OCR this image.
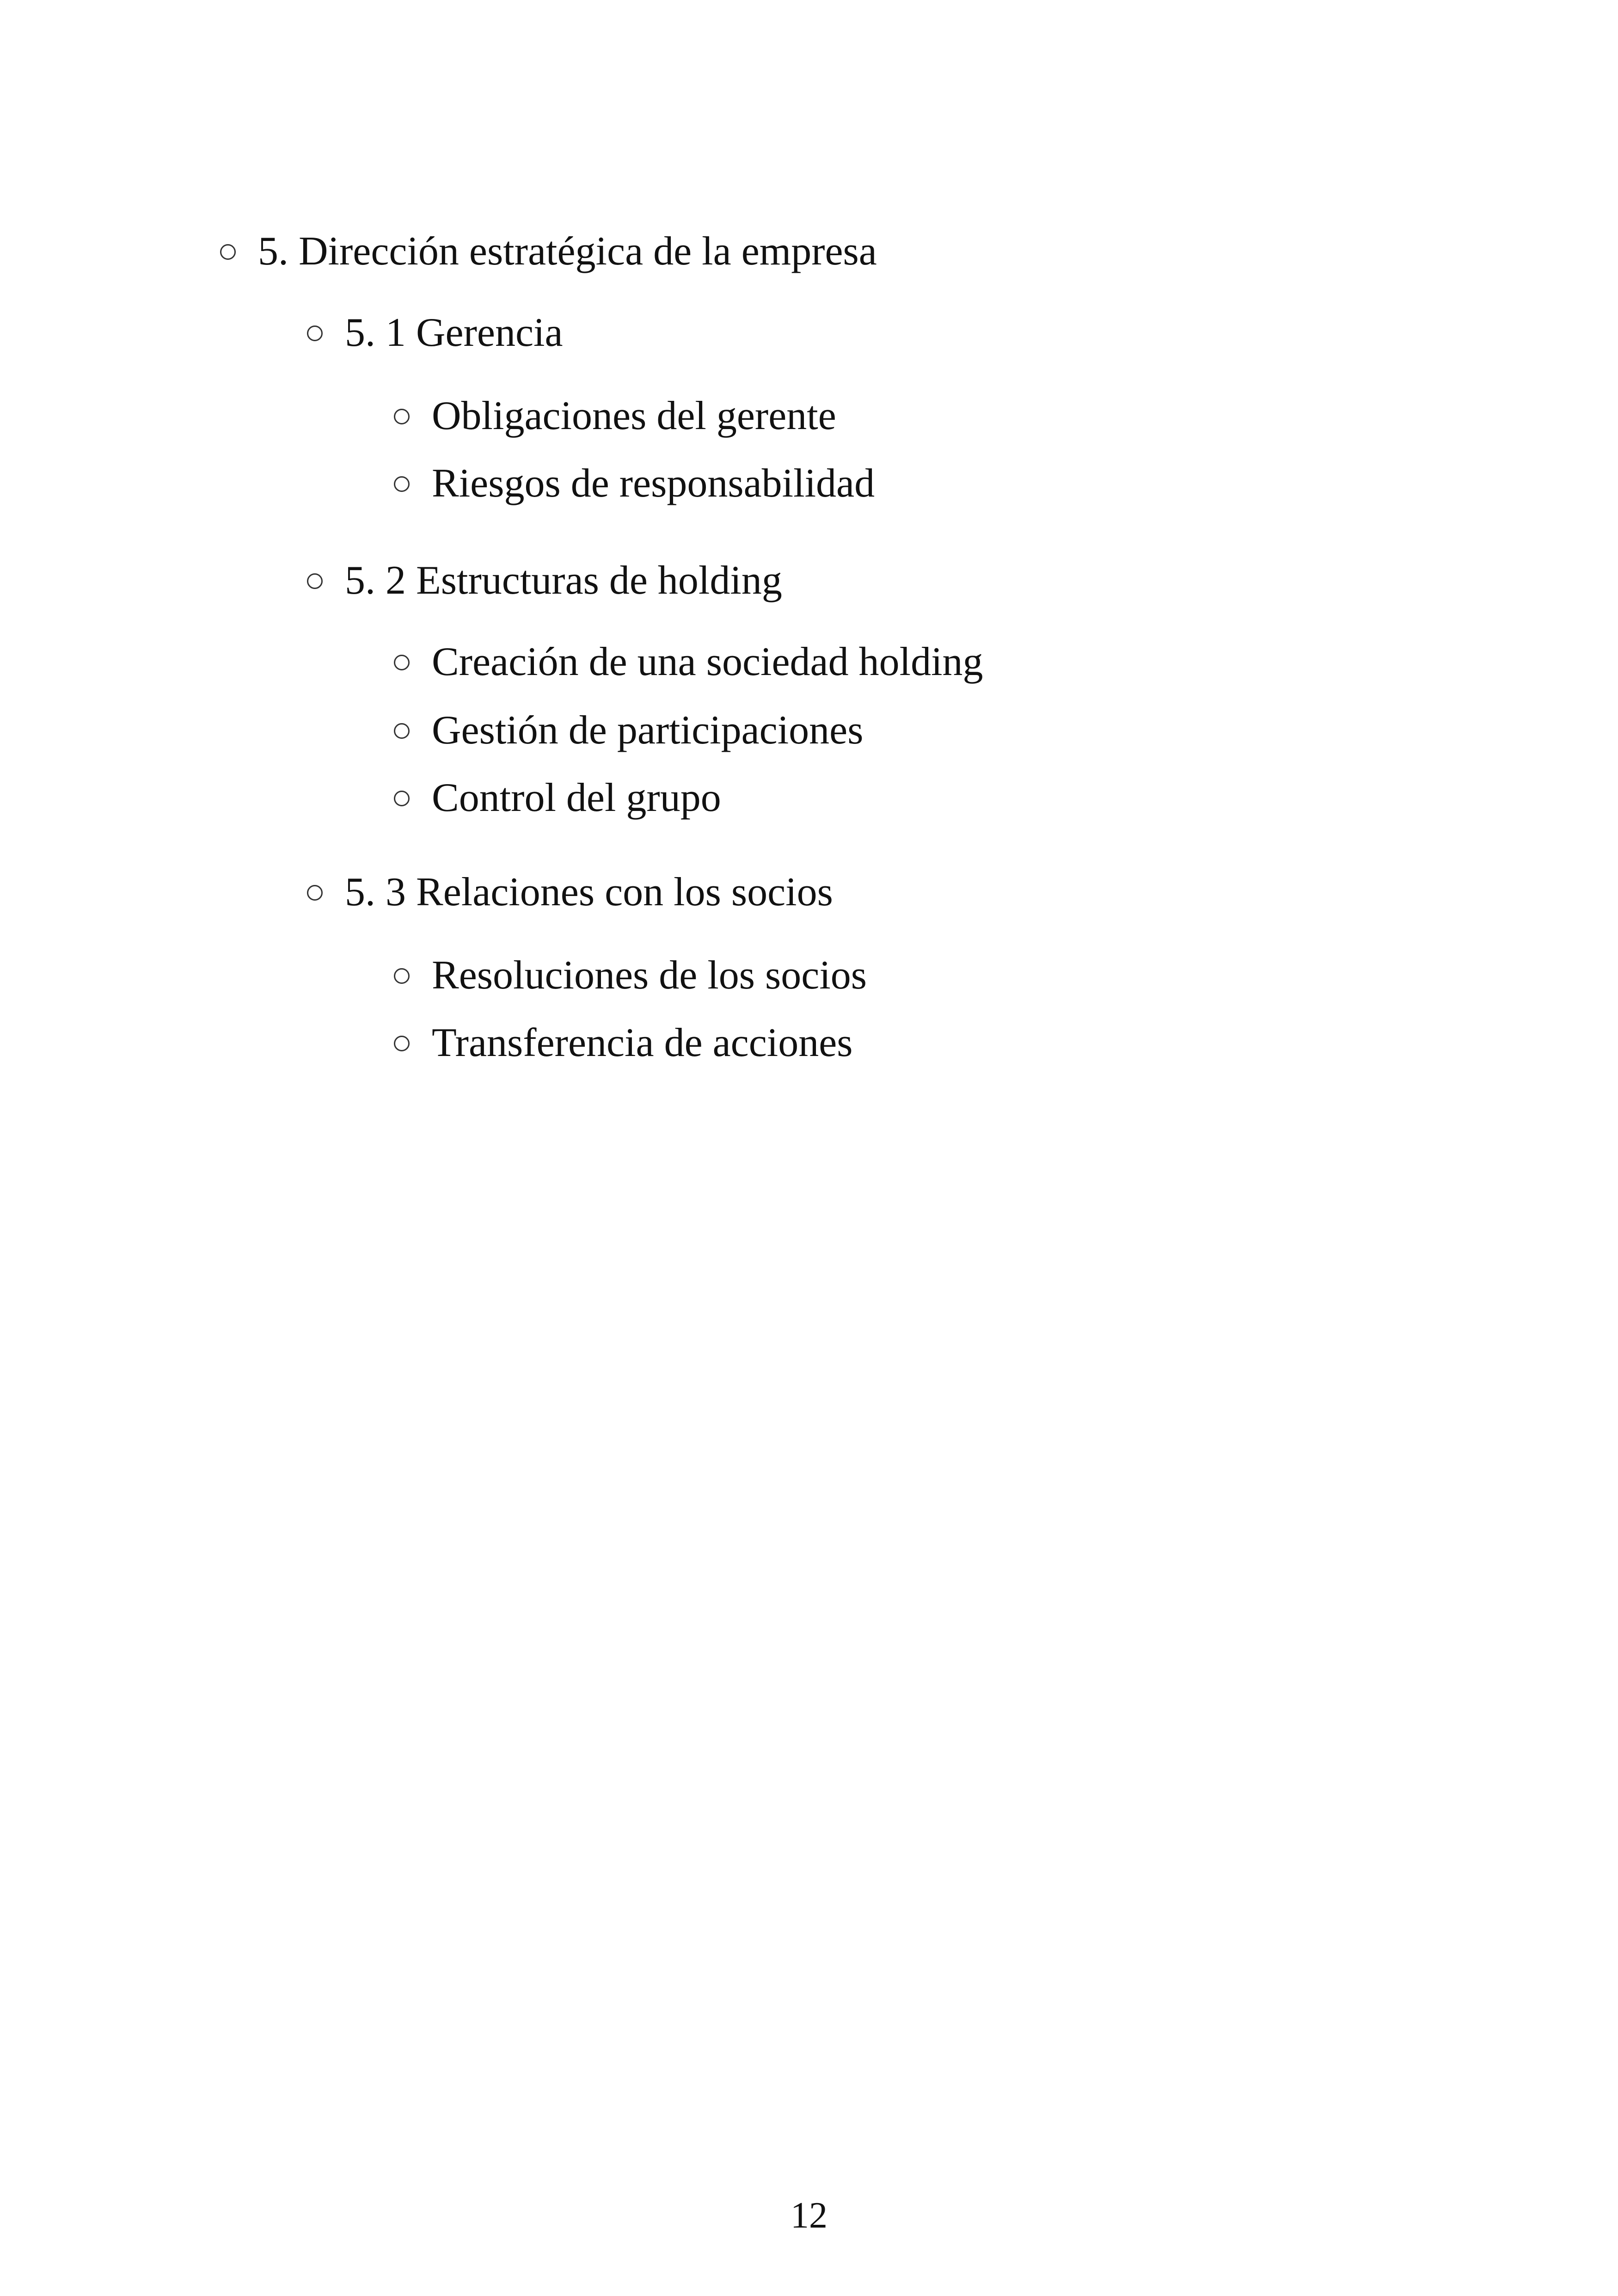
5. Dirección estratégica de la empresa
5. 1 Gerencia
Obligaciones del gerente
Riesgos de responsabilidad
5. 2 Estructuras de holding
Creación de una sociedad holding
Gestión de participaciones
Control del grupo
5. 3 Relaciones con los socios
Resoluciones de los socios
Transferencia de acciones
12
